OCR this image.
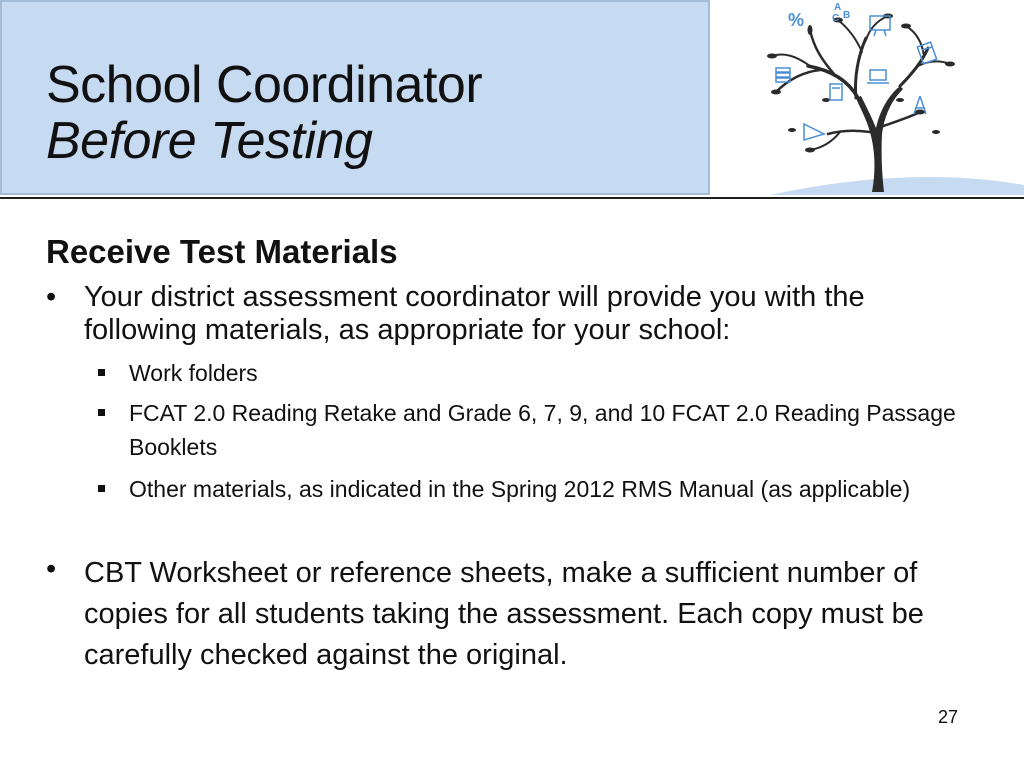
School Coordinator
Before Testing
%
A
B
C
Receive Test Materials
• Your district assessment coordinator will provide you with the following materials, as appropriate for your school:
Work folders
FCAT 2.0 Reading Retake and Grade 6, 7, 9, and 10 FCAT 2.0 Reading Passage Booklets
Other materials, as indicated in the Spring 2012 RMS Manual (as applicable)
• CBT Worksheet or reference sheets, make a sufficient number of copies for all students taking the assessment. Each copy must be carefully checked against the original.
27
